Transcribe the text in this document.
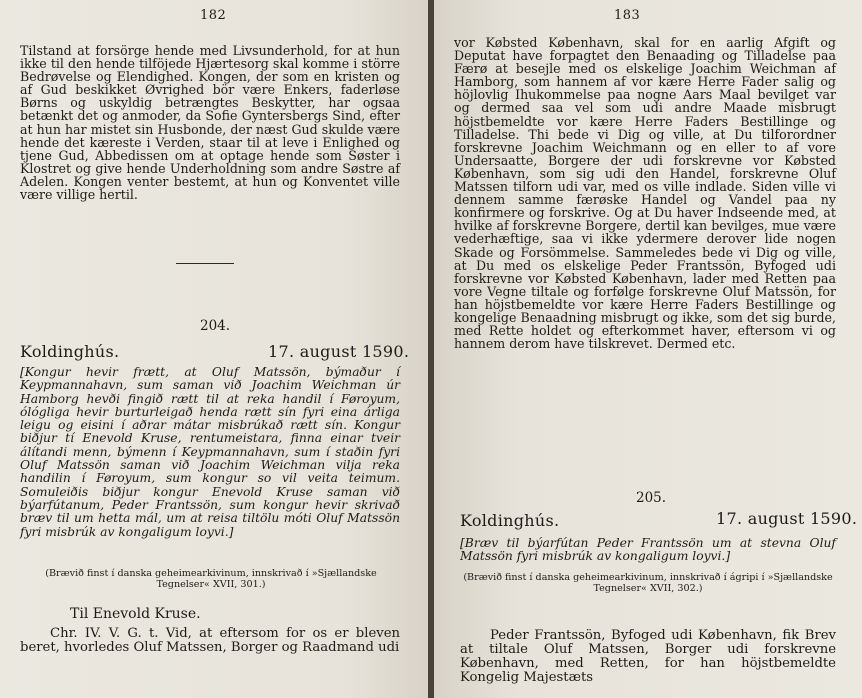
182

Tilstand at forsörge hende med Livsunderhold, for at hun ikke til den hende tilföjede Hjærtesorg skal komme i större Bedrøvelse og Elendighed. Kongen, der som en kristen og af Gud beskikket Øvrighed bör være Enkers, faderløse Børns og uskyldig betrængtes Beskytter, har ogsaa betænkt det og anmoder, da Sofie Gyntersbergs Sind, efter at hun har mistet sin Husbonde, der næst Gud skulde være hende det kæreste i Verden, staar til at leve i Enlighed og tjene Gud, Abbedissen om at optage hende som Søster i Klostret og give hende Underholdning som andre Søstre af Adelen. Kongen venter bestemt, at hun og Konventet ville være villige hertil.

204.
Koldinghús.	17. august 1590.

[Kongur hevir frætt, at Oluf Matssön, býmaður í Keypmannahavn, sum saman við Joachim Weichman úr Hamborg hevði fingið rætt til at reka handil í Føroyum, ólógliga hevir burturleigað henda rætt sín fyri eina árliga leigu og eisini í aðrar mátar misbrúkað rætt sín. Kongur biðjur tí Enevold Kruse, rentumeistara, finna einar tveir álítandi menn, býmenn í Keypmannahavn, sum í staðin fyri Oluf Matssön saman við Joachim Weichman vilja reka handilin í Føroyum, sum kongur so vil veita teimum. Somuleiðis biðjur kongur Enevold Kruse saman við býarfútanum, Peder Frantssön, sum kongur hevir skrivað bræv til um hetta mál, um at reisa tiltölu móti Oluf Matssön fyri misbrúk av kongaligum loyvi.]

(Brævið finst í danska geheimearkivinum, innskrivað í »Sjællandske Tegnelser« XVII, 301.)

Til Enevold Kruse.

Chr. IV. V. G. t. Vid, at eftersom for os er bleven beret, hvorledes Oluf Matssen, Borger og Raadmand udi

183

vor Købsted København, skal for en aarlig Afgift og Deputat have forpagtet den Benaading og Tilladelse paa Færø at besejle med os elskelige Joachim Weichman af Hamborg, som hannem af vor kære Herre Fader salig og höjlovlig Ihukommelse paa nogne Aars Maal bevilget var og dermed saa vel som udi andre Maade misbrugt höjstbemeldte vor kære Herre Faders Bestillinge og Tilladelse. Thi bede vi Dig og ville, at Du tilforordner forskrevne Joachim Weichmann og en eller to af vore Undersaatte, Borgere der udi forskrevne vor Købsted København, som sig udi den Handel, forskrevne Oluf Matssen tilforn udi var, med os ville indlade. Siden ville vi dennem samme færøske Handel og Vandel paa ny konfirmere og forskrive. Og at Du haver Indseende med, at hvilke af forskrevne Borgere, dertil kan bevilges, mue være vederhæftige, saa vi ikke ydermere derover lide nogen Skade og Forsömmelse. Sammeledes bede vi Dig og ville, at Du med os elskelige Peder Frantssön, Byfoged udi forskrevne vor Købsted København, lader med Retten paa vore Vegne tiltale og forfølge forskrevne Oluf Matssön, for han höjstbemeldte vor kære Herre Faders Bestillinge og kongelige Benaadning misbrugt og ikke, som det sig burde, med Rette holdet og efterkommet haver, eftersom vi og hannem derom have tilskrevet. Dermed etc.

205.
Koldinghús.	17. august 1590.

[Bræv til býarfútan Peder Frantssön um at stevna Oluf Matssön fyri misbrúk av kongaligum loyvi.]

(Brævið finst í danska geheimearkivinum, innskrivað í ágripi í »Sjællandske Tegnelser« XVII, 302.)

Peder Frantssön, Byfoged udi København, fik Brev at tiltale Oluf Matssen, Borger udi forskrevne København, med Retten, for han höjstbemeldte Kongelig Majestæts
